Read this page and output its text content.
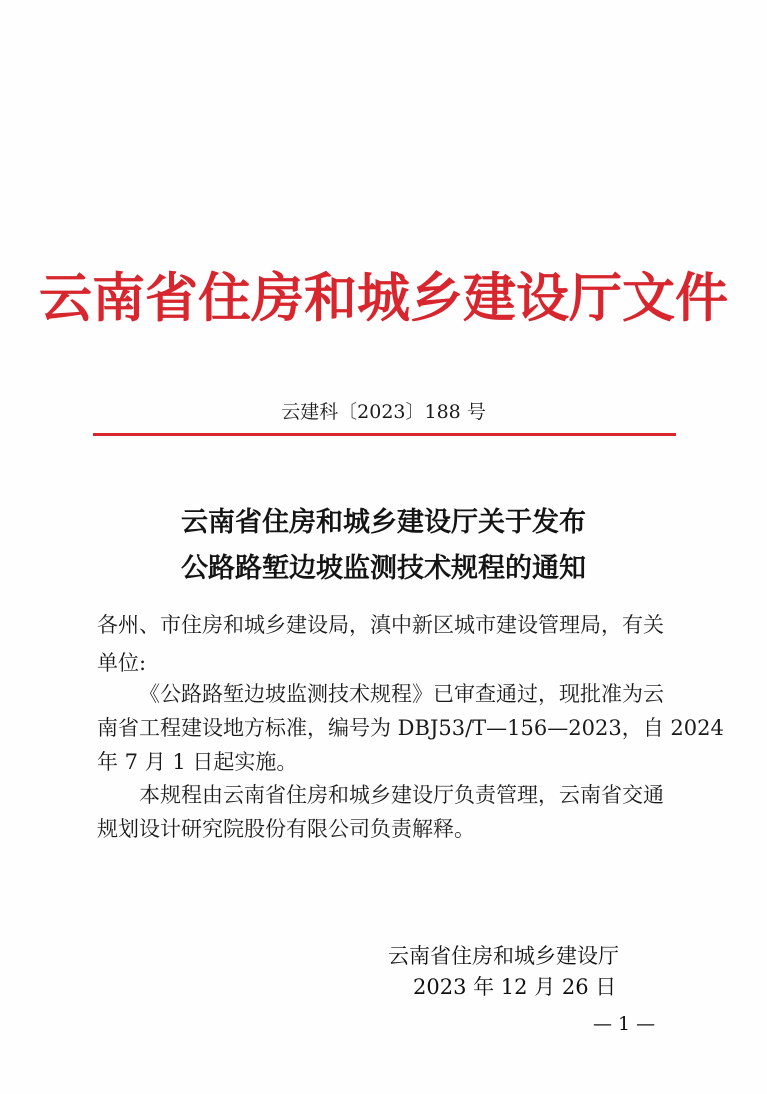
云南省住房和城乡建设厅文件
云建科〔2023〕188 号
云南省住房和城乡建设厅关于发布
公路路堑边坡监测技术规程的通知
各州、市住房和城乡建设局，滇中新区城市建设管理局，有关
单位:
《公路路堑边坡监测技术规程》已审查通过，现批准为云
南省工程建设地方标准，编号为 DBJ53/T—156—2023，自 2024
年 7 月 1 日起实施。
本规程由云南省住房和城乡建设厅负责管理，云南省交通
规划设计研究院股份有限公司负责解释。
云南省住房和城乡建设厅
2023 年 12 月 26 日
— 1 —
